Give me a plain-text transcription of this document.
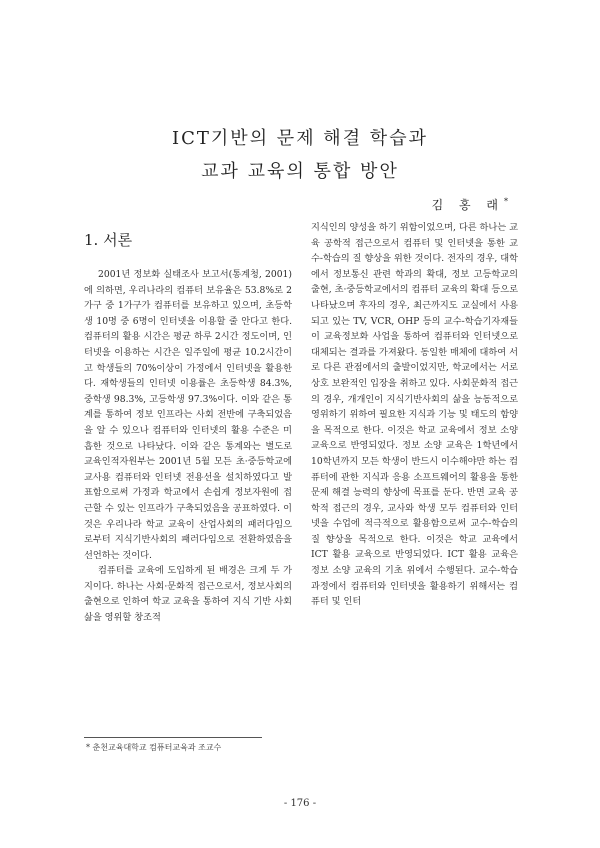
ICT기반의 문제 해결 학습과
교과 교육의 통합 방안
김 홍 래*
1. 서론

2001년 정보화 실태조사 보고서(통계청, 2001)에 의하면, 우리나라의 컴퓨터 보유율은 53.8%로 2가구 중 1가구가 컴퓨터를 보유하고 있으며, 초등학생 10명 중 6명이 인터넷을 이용할 줄 안다고 한다. 컴퓨터의 활용 시간은 평균 하루 2시간 정도이며, 인터넷을 이용하는 시간은 일주일에 평균 10.2시간이고 학생들의 70%이상이 가정에서 인터넷을 활용한다. 재학생들의 인터넷 이용률은 초등학생 84.3%, 중학생 98.3%, 고등학생 97.3%이다. 이와 같은 통계를 통하여 정보 인프라는 사회 전반에 구축되었음을 알 수 있으나 컴퓨터와 인터넷의 활용 수준은 미흡한 것으로 나타났다. 이와 같은 통계와는 별도로 교육인적자원부는 2001년 5월 모든 초·중등학교에 교사용 컴퓨터와 인터넷 전용선을 설치하였다고 발표함으로써 가정과 학교에서 손쉽게 정보자원에 접근할 수 있는 인프라가 구축되었음을 공표하였다. 이것은 우리나라 학교 교육이 산업사회의 패러다임으로부터 지식기반사회의 패러다임으로 전환하였음을 선언하는 것이다.

컴퓨터를 교육에 도입하게 된 배경은 크게 두 가지이다. 하나는 사회·문화적 접근으로서, 정보사회의 출현으로 인하여 학교 교육을 통하여 지식 기반 사회 삶을 영위할 창조적

지식인의 양성을 하기 위함이었으며, 다른 하나는 교육 공학적 접근으로서 컴퓨터 및 인터넷을 통한 교수-학습의 질 향상을 위한 것이다. 전자의 경우, 대학에서 정보통신 관련 학과의 확대, 정보 고등학교의 출현, 초·중등학교에서의 컴퓨터 교육의 확대 등으로 나타났으며 후자의 경우, 최근까지도 교실에서 사용되고 있는 TV, VCR, OHP 등의 교수-학습기자재들이 교육정보화 사업을 통하여 컴퓨터와 인터넷으로 대체되는 결과를 가져왔다. 동일한 매체에 대하여 서로 다른 관점에서의 출발이었지만, 학교에서는 서로 상호 보완적인 입장을 취하고 있다. 사회문화적 접근의 경우, 개개인이 지식기반사회의 삶을 능동적으로 영위하기 위하여 필요한 지식과 기능 및 태도의 함양을 목적으로 한다. 이것은 학교 교육에서 정보 소양 교육으로 반영되었다. 정보 소양 교육은 1학년에서 10학년까지 모든 학생이 반드시 이수해야만 하는 컴퓨터에 관한 지식과 응용 소프트웨어의 활용을 통한 문제 해결 능력의 향상에 목표를 둔다. 반면 교육 공학적 접근의 경우, 교사와 학생 모두 컴퓨터와 인터넷을 수업에 적극적으로 활용함으로써 교수-학습의 질 향상을 목적으로 한다. 이것은 학교 교육에서 ICT 활용 교육으로 반영되었다. ICT 활용 교육은 정보 소양 교육의 기초 위에서 수행된다. 교수-학습 과정에서 컴퓨터와 인터넷을 활용하기 위해서는 컴퓨터 및 인터

* 춘천교육대학교 컴퓨터교육과 조교수
- 176 -
